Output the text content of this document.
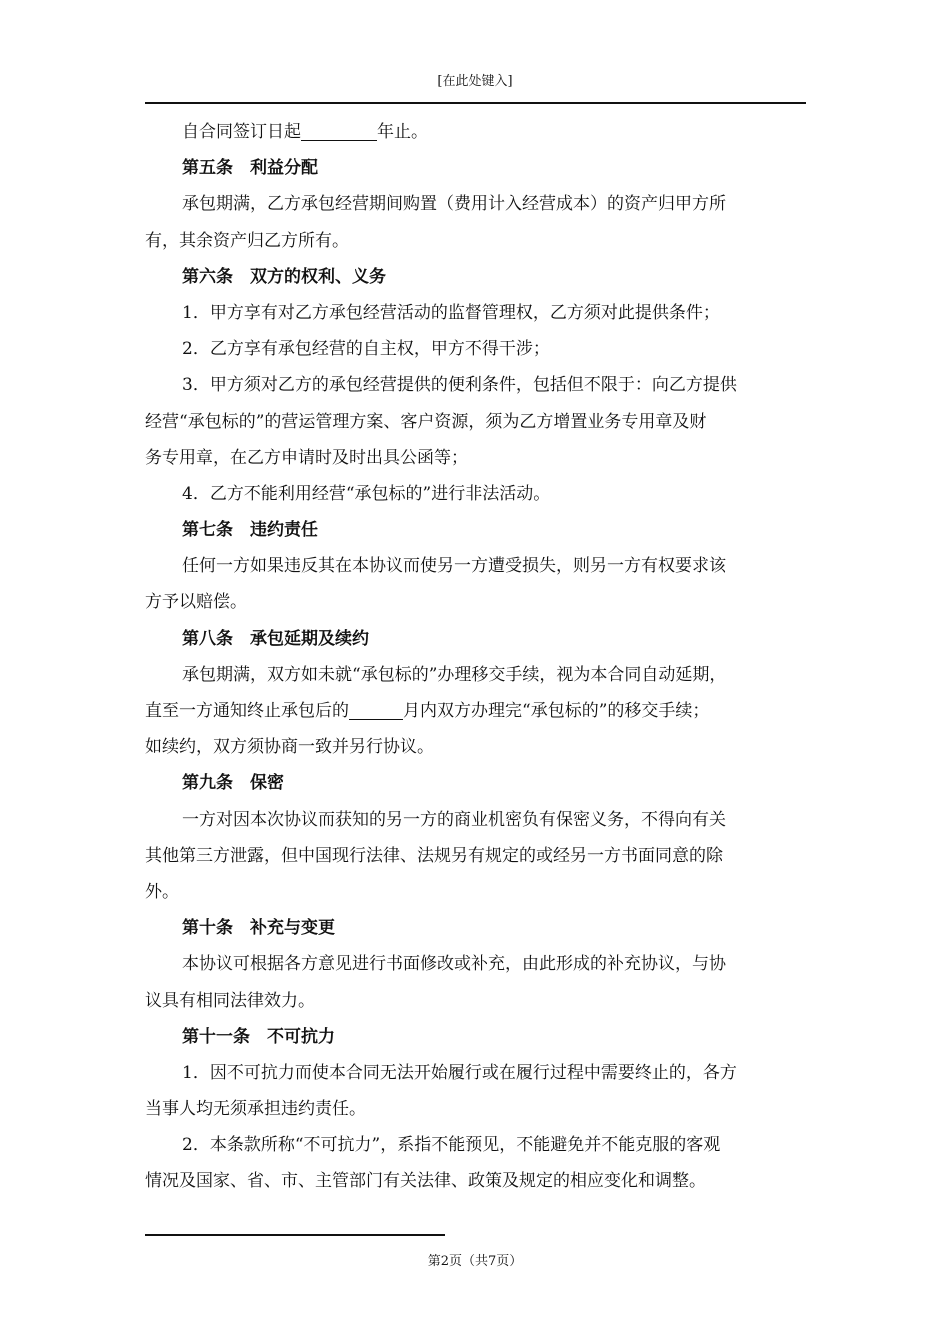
[在此处键入]
自合同签订日起	年止。
第五条　利益分配
承包期满，乙方承包经营期间购置（费用计入经营成本）的资产归甲方所
有，其余资产归乙方所有。
第六条　双方的权利、义务
1．甲方享有对乙方承包经营活动的监督管理权，乙方须对此提供条件；
2．乙方享有承包经营的自主权，甲方不得干涉；
3．甲方须对乙方的承包经营提供的便利条件，包括但不限于：向乙方提供
经营“承包标的”的营运管理方案、客户资源，须为乙方增置业务专用章及财
务专用章，在乙方申请时及时出具公函等；
4．乙方不能利用经营“承包标的”进行非法活动。
第七条　违约责任
任何一方如果违反其在本协议而使另一方遭受损失，则另一方有权要求该
方予以赔偿。
第八条　承包延期及续约
承包期满，双方如未就“承包标的”办理移交手续，视为本合同自动延期，
直至一方通知终止承包后的	月内双方办理完“承包标的”的移交手续；
如续约，双方须协商一致并另行协议。
第九条　保密
一方对因本次协议而获知的另一方的商业机密负有保密义务，不得向有关
其他第三方泄露，但中国现行法律、法规另有规定的或经另一方书面同意的除
外。
第十条　补充与变更
本协议可根据各方意见进行书面修改或补充，由此形成的补充协议，与协
议具有相同法律效力。
第十一条　不可抗力
1．因不可抗力而使本合同无法开始履行或在履行过程中需要终止的，各方
当事人均无须承担违约责任。
2．本条款所称“不可抗力”，系指不能预见，不能避免并不能克服的客观
情况及国家、省、市、主管部门有关法律、政策及规定的相应变化和调整。
第2页（共7页）
